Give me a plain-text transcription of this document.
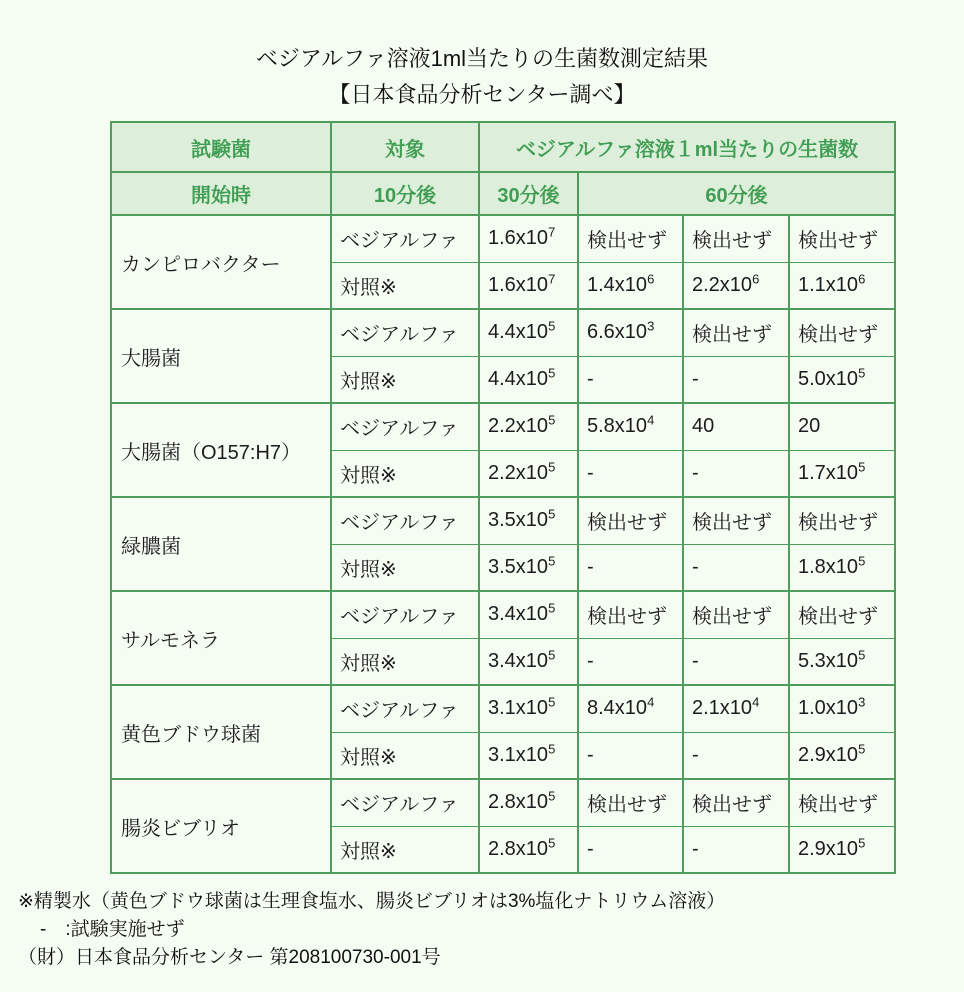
ベジアルファ溶液1ml当たりの生菌数測定結果
【日本食品分析センター調べ】
試験菌	対象	ベジアルファ溶液１ml当たりの生菌数			
開始時	10分後	30分後	60分後		
カンピロバクター	ベジアルファ	$1.6x10^7$	検出せず	検出せず	検出せず
	対照※	$1.6x10^7$	$1.4x10^6$	$2.2x10^6$	$1.1x10^6$
大腸菌	ベジアルファ	$4.4x10^5$	$6.6x10^3$	検出せず	検出せず
	対照※	$4.4x10^5$	-	-	$5.0x10^5$
大腸菌（O157:H7）	ベジアルファ	$2.2x10^5$	$5.8x10^4$	40	20
	対照※	$2.2x10^5$	-	-	$1.7x10^5$
緑膿菌	ベジアルファ	$3.5x10^5$	検出せず	検出せず	検出せず
	対照※	$3.5x10^5$	-	-	$1.8x10^5$
サルモネラ	ベジアルファ	$3.4x10^5$	検出せず	検出せず	検出せず
	対照※	$3.4x10^5$	-	-	$5.3x10^5$
黄色ブドウ球菌	ベジアルファ	$3.1x10^5$	$8.4x10^4$	$2.1x10^4$	$1.0x10^3$
	対照※	$3.1x10^5$	-	-	$2.9x10^5$
腸炎ビブリオ	ベジアルファ	$2.8x10^5$	検出せず	検出せず	検出せず
	対照※	$2.8x10^5$	-	-	$2.9x10^5$
※精製水（黄色ブドウ球菌は生理食塩水、腸炎ビブリオは3%塩化ナトリウム溶液）
-　:試験実施せず
（財）日本食品分析センター 第208100730-001号
